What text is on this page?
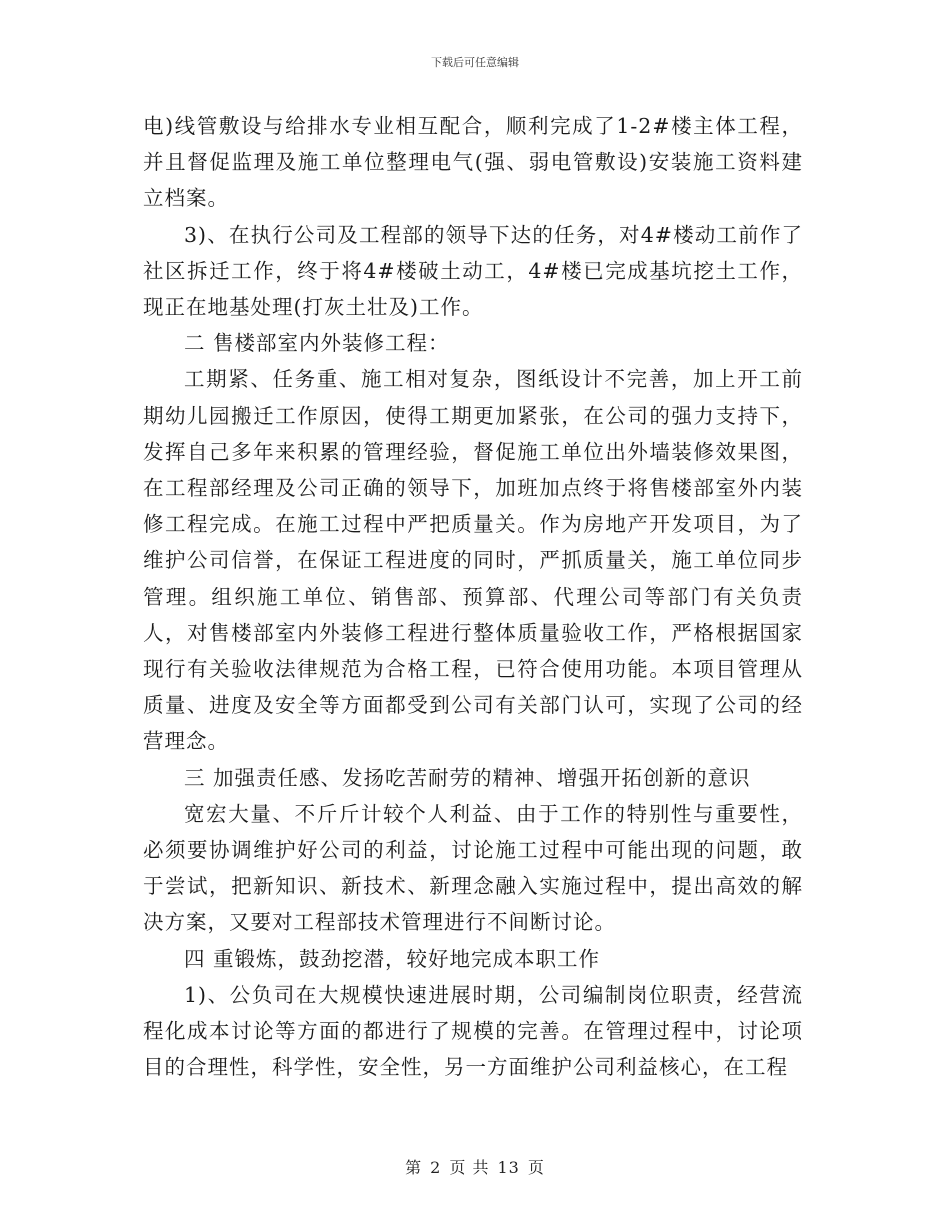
下载后可任意编辑

电)线管敷设与给排水专业相互配合，顺利完成了1-2#楼主体工程，并且督促监理及施工单位整理电气(强、弱电管敷设)安装施工资料建立档案。

3)、在执行公司及工程部的领导下达的任务，对4#楼动工前作了社区拆迁工作，终于将4#楼破土动工，4#楼已完成基坑挖土工作，现正在地基处理(打灰土壮及)工作。

二 售楼部室内外装修工程：

工期紧、任务重、施工相对复杂，图纸设计不完善，加上开工前期幼儿园搬迁工作原因，使得工期更加紧张，在公司的强力支持下，发挥自己多年来积累的管理经验，督促施工单位出外墙装修效果图，在工程部经理及公司正确的领导下，加班加点终于将售楼部室外内装修工程完成。在施工过程中严把质量关。作为房地产开发项目，为了维护公司信誉，在保证工程进度的同时，严抓质量关，施工单位同步管理。组织施工单位、销售部、预算部、代理公司等部门有关负责人，对售楼部室内外装修工程进行整体质量验收工作，严格根据国家现行有关验收法律规范为合格工程，已符合使用功能。本项目管理从质量、进度及安全等方面都受到公司有关部门认可，实现了公司的经营理念。

三 加强责任感、发扬吃苦耐劳的精神、增强开拓创新的意识

宽宏大量、不斤斤计较个人利益、由于工作的特别性与重要性，必须要协调维护好公司的利益，讨论施工过程中可能出现的问题，敢于尝试，把新知识、新技术、新理念融入实施过程中，提出高效的解决方案，又要对工程部技术管理进行不间断讨论。

四 重锻炼，鼓劲挖潜，较好地完成本职工作

1)、公负司在大规模快速进展时期，公司编制岗位职责，经营流程化成本讨论等方面的都进行了规模的完善。在管理过程中，讨论项目的合理性，科学性，安全性，另一方面维护公司利益核心，在工程

第 2 页 共 13 页
